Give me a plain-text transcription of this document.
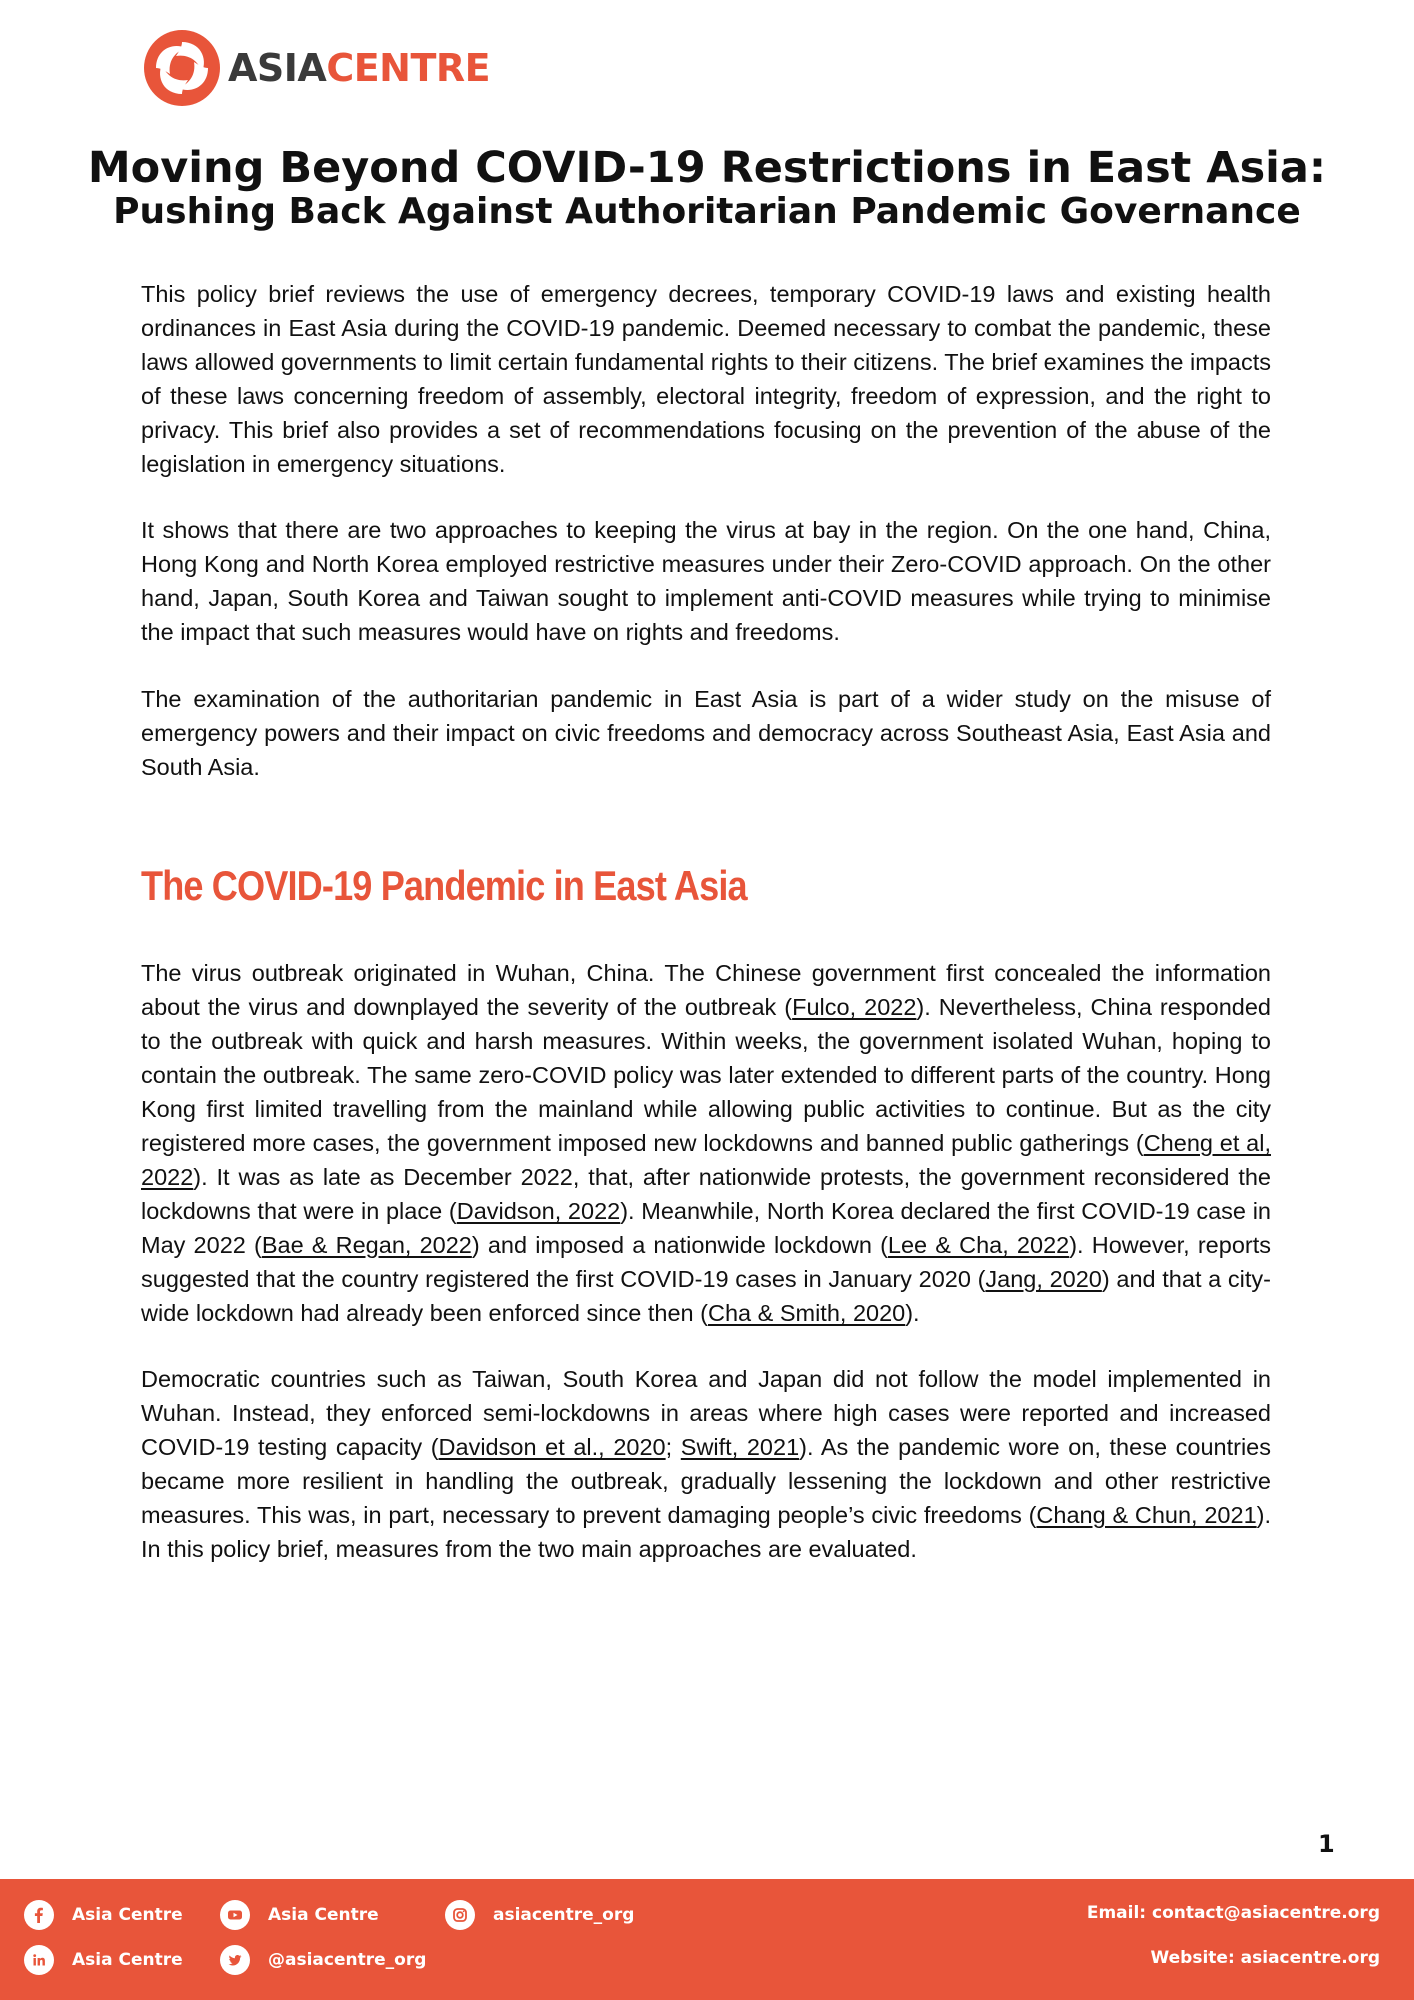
ASIACENTRE
Moving Beyond COVID-19 Restrictions in East Asia:
Pushing Back Against Authoritarian Pandemic Governance

This policy brief reviews the use of emergency decrees, temporary COVID-19 laws and existing health ordinances in East Asia during the COVID-19 pandemic. Deemed necessary to combat the pandemic, these laws allowed governments to limit certain fundamental rights to their citizens. The brief examines the impacts of these laws concerning freedom of assembly, electoral integrity, freedom of expression, and the right to privacy. This brief also provides a set of recommendations focusing on the prevention of the abuse of the legislation in emergency situations.

It shows that there are two approaches to keeping the virus at bay in the region. On the one hand, China, Hong Kong and North Korea employed restrictive measures under their Zero-COVID approach. On the other hand, Japan, South Korea and Taiwan sought to implement anti-COVID measures while trying to minimise the impact that such measures would have on rights and freedoms.

The examination of the authoritarian pandemic in East Asia is part of a wider study on the misuse of emergency powers and their impact on civic freedoms and democracy across Southeast Asia, East Asia and South Asia.

The COVID-19 Pandemic in East Asia

The virus outbreak originated in Wuhan, China. The Chinese government first concealed the information about the virus and downplayed the severity of the outbreak (Fulco, 2022). Nevertheless, China responded to the outbreak with quick and harsh measures. Within weeks, the government isolated Wuhan, hoping to contain the outbreak. The same zero-COVID policy was later extended to different parts of the country. Hong Kong first limited travelling from the mainland while allowing public activities to continue. But as the city registered more cases, the government imposed new lockdowns and banned public gatherings (Cheng et al, 2022). It was as late as December 2022, that, after nationwide protests, the government reconsidered the lockdowns that were in place (Davidson, 2022). Meanwhile, North Korea declared the first COVID-19 case in May 2022 (Bae & Regan, 2022) and imposed a nationwide lockdown (Lee & Cha, 2022). However, reports suggested that the country registered the first COVID-19 cases in January 2020 (Jang, 2020) and that a city-wide lockdown had already been enforced since then (Cha & Smith, 2020).

Democratic countries such as Taiwan, South Korea and Japan did not follow the model implemented in Wuhan. Instead, they enforced semi-lockdowns in areas where high cases were reported and increased COVID-19 testing capacity (Davidson et al., 2020; Swift, 2021). As the pandemic wore on, these countries became more resilient in handling the outbreak, gradually lessening the lockdown and other restrictive measures. This was, in part, necessary to prevent damaging people’s civic freedoms (Chang & Chun, 2021). In this policy brief, measures from the two main approaches are evaluated.

1
Asia Centre	Asia Centre	asiacentre_org
Asia Centre	@asiacentre_org
Email: contact@asiacentre.org
Website: asiacentre.org
